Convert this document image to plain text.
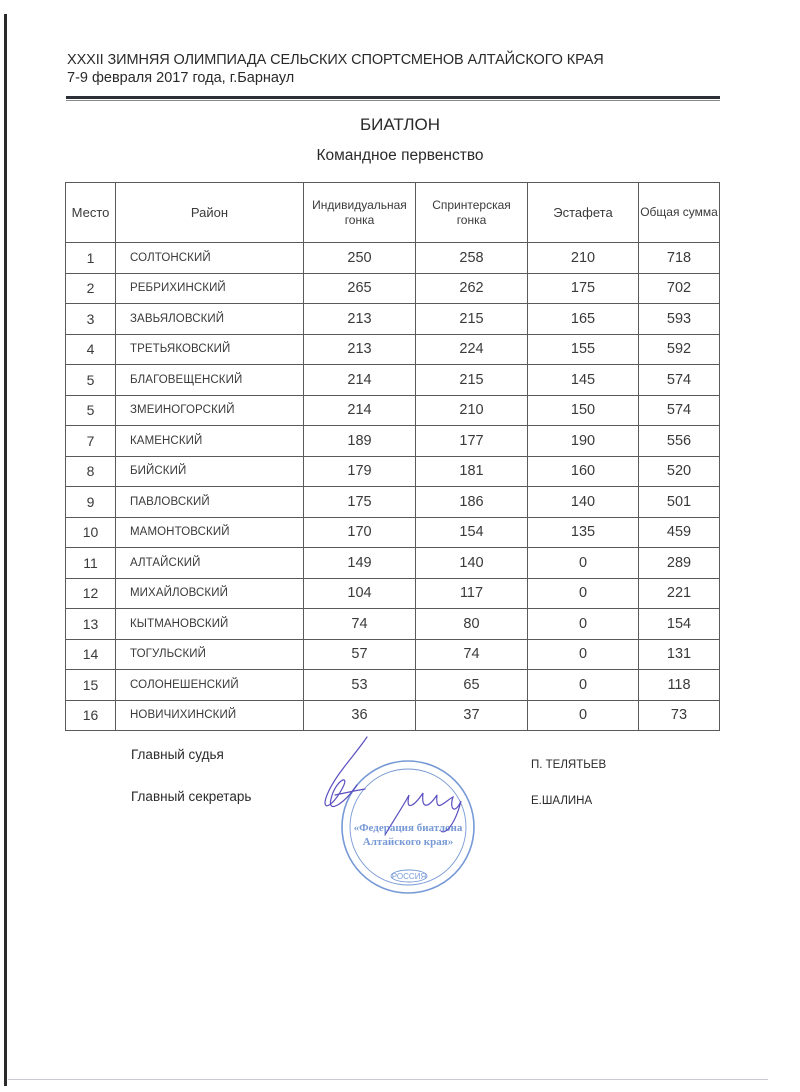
XXXII ЗИМНЯЯ ОЛИМПИАДА СЕЛЬСКИХ СПОРТСМЕНОВ АЛТАЙСКОГО КРАЯ
7-9 февраля 2017 года, г.Барнаул
БИАТЛОН
Командное первенство
Место	Район	Индивидуальная гонка	Спринтерская гонка	Эстафета	Общая сумма
1	СОЛТОНСКИЙ	250	258	210	718
2	РЕБРИХИНСКИЙ	265	262	175	702
3	ЗАВЬЯЛОВСКИЙ	213	215	165	593
4	ТРЕТЬЯКОВСКИЙ	213	224	155	592
5	БЛАГОВЕЩЕНСКИЙ	214	215	145	574
5	ЗМЕИНОГОРСКИЙ	214	210	150	574
7	КАМЕНСКИЙ	189	177	190	556
8	БИЙСКИЙ	179	181	160	520
9	ПАВЛОВСКИЙ	175	186	140	501
10	МАМОНТОВСКИЙ	170	154	135	459
11	АЛТАЙСКИЙ	149	140	0	289
12	МИХАЙЛОВСКИЙ	104	117	0	221
13	КЫТМАНОВСКИЙ	74	80	0	154
14	ТОГУЛЬСКИЙ	57	74	0	131
15	СОЛОНЕШЕНСКИЙ	53	65	0	118
16	НОВИЧИХИНСКИЙ	36	37	0	73
Главный судья
Главный секретарь
П. ТЕЛЯТЬЕВ
Е.ШАЛИНА
«Федерация биатлона
Алтайского края»
РОССИЯ
